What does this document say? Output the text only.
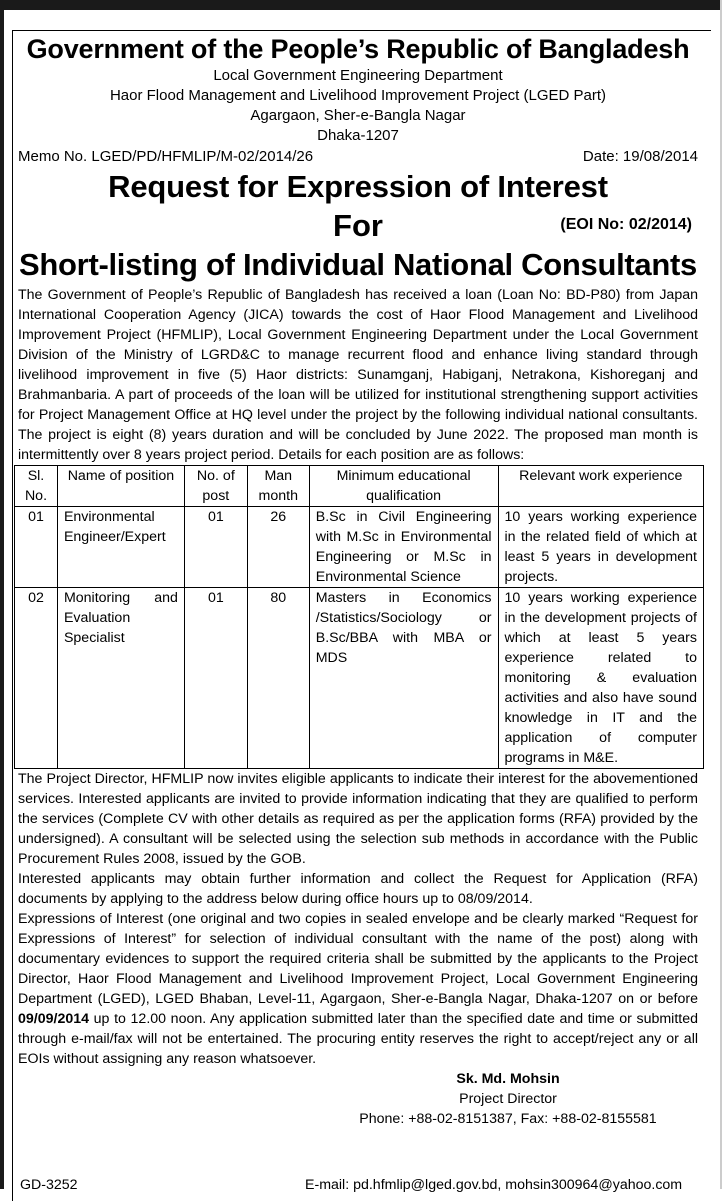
Government of the People’s Republic of Bangladesh
Local Government Engineering Department
Haor Flood Management and Livelihood Improvement Project (LGED Part)
Agargaon, Sher-e-Bangla Nagar
Dhaka-1207
Memo No. LGED/PD/HFMLIP/M-02/2014/26	Date: 19/08/2014
Request for Expression of Interest
For	(EOI No: 02/2014)
Short-listing of Individual National Consultants
The Government of People’s Republic of Bangladesh has received a loan (Loan No: BD-P80) from Japan International Cooperation Agency (JICA) towards the cost of Haor Flood Management and Livelihood Improvement Project (HFMLIP), Local Government Engineering Department under the Local Government Division of the Ministry of LGRD&C to manage recurrent flood and enhance living standard through livelihood improvement in five (5) Haor districts: Sunamganj, Habiganj, Netrakona, Kishoreganj and Brahmanbaria. A part of proceeds of the loan will be utilized for institutional strengthening support activities for Project Management Office at HQ level under the project by the following individual national consultants. The project is eight (8) years duration and will be concluded by June 2022. The proposed man month is intermittently over 8 years project period. Details for each position are as follows:
Sl. No.	Name of position	No. of post	Man month	Minimum educational qualification	Relevant work experience
01	Environmental Engineer/Expert	01	26	B.Sc in Civil Engineering with M.Sc in Environmental Engineering or M.Sc in Environmental Science	10 years working experience in the related field of which at least 5 years in development projects.
02	Monitoring and Evaluation Specialist	01	80	Masters in Economics /Statistics/Sociology or B.Sc/BBA with MBA or MDS	10 years working experience in the development projects of which at least 5 years experience related to monitoring & evaluation activities and also have sound knowledge in IT and the application of computer programs in M&E.
The Project Director, HFMLIP now invites eligible applicants to indicate their interest for the abovementioned services. Interested applicants are invited to provide information indicating that they are qualified to perform the services (Complete CV with other details as required as per the application forms (RFA) provided by the undersigned). A consultant will be selected using the selection sub methods in accordance with the Public Procurement Rules 2008, issued by the GOB.
Interested applicants may obtain further information and collect the Request for Application (RFA) documents by applying to the address below during office hours up to 08/09/2014.
Expressions of Interest (one original and two copies in sealed envelope and be clearly marked “Request for Expressions of Interest” for selection of individual consultant with the name of the post) along with documentary evidences to support the required criteria shall be submitted by the applicants to the Project Director, Haor Flood Management and Livelihood Improvement Project, Local Government Engineering Department (LGED), LGED Bhaban, Level-11, Agargaon, Sher-e-Bangla Nagar, Dhaka-1207 on or before 09/09/2014 up to 12.00 noon. Any application submitted later than the specified date and time or submitted through e-mail/fax will not be entertained. The procuring entity reserves the right to accept/reject any or all EOIs without assigning any reason whatsoever.
Sk. Md. Mohsin
Project Director
Phone: +88-02-8151387, Fax: +88-02-8155581
GD-3252	E-mail: pd.hfmlip@lged.gov.bd, mohsin300964@yahoo.com
